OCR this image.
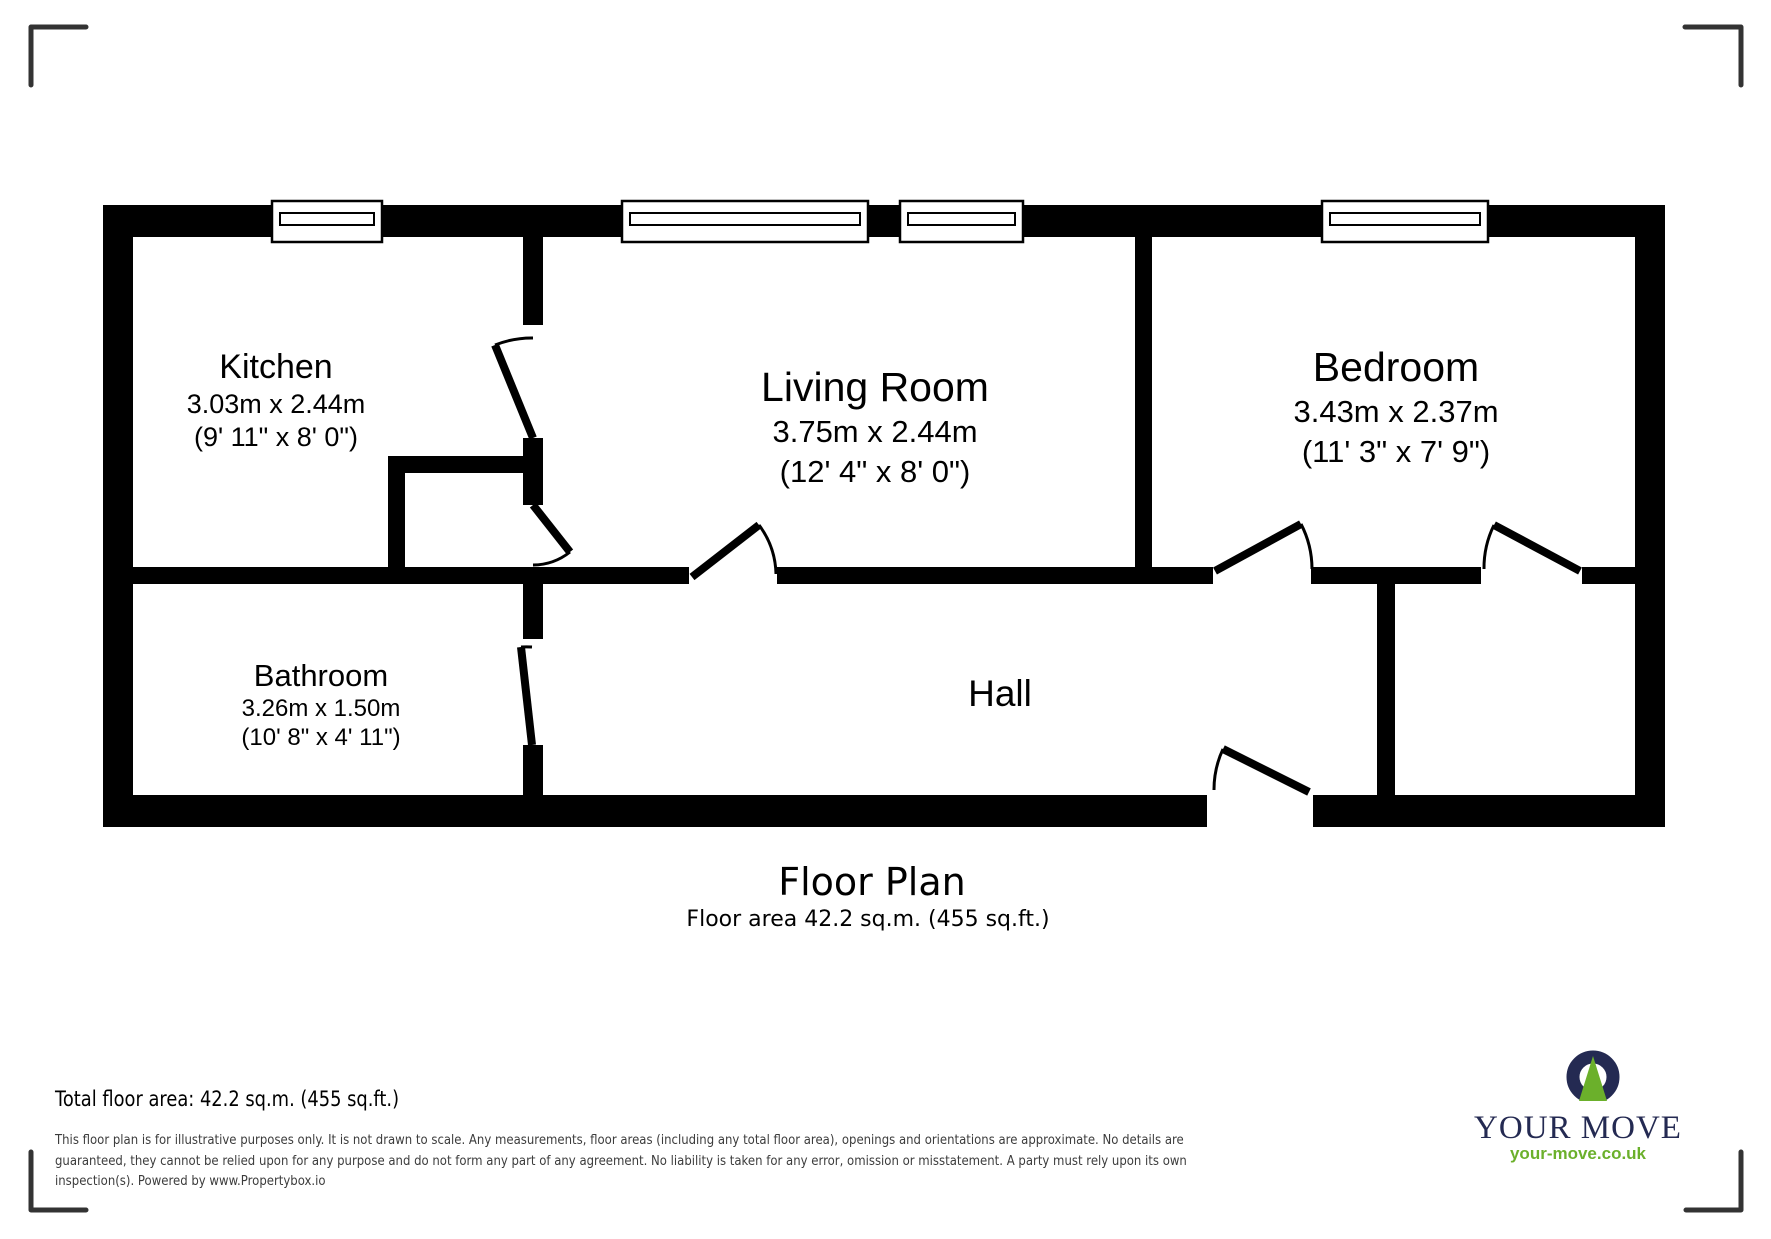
Kitchen
3.03m x 2.44m
(9' 11" x 8' 0")
Living Room
3.75m x 2.44m
(12' 4" x 8' 0")
Bedroom
3.43m x 2.37m
(11' 3" x 7' 9")
Bathroom
3.26m x 1.50m
(10' 8" x 4' 11")
Hall
Floor Plan
Floor area 42.2 sq.m. (455 sq.ft.)
Total floor area: 42.2 sq.m. (455 sq.ft.)
This floor plan is for illustrative purposes only. It is not drawn to scale. Any measurements, floor areas (including any total floor area), openings and orientations are approximate. No details are
guaranteed, they cannot be relied upon for any purpose and do not form any part of any agreement. No liability is taken for any error, omission or misstatement. A party must rely upon its own
inspection(s). Powered by www.Propertybox.io
YOUR MOVE
your-move.co.uk
